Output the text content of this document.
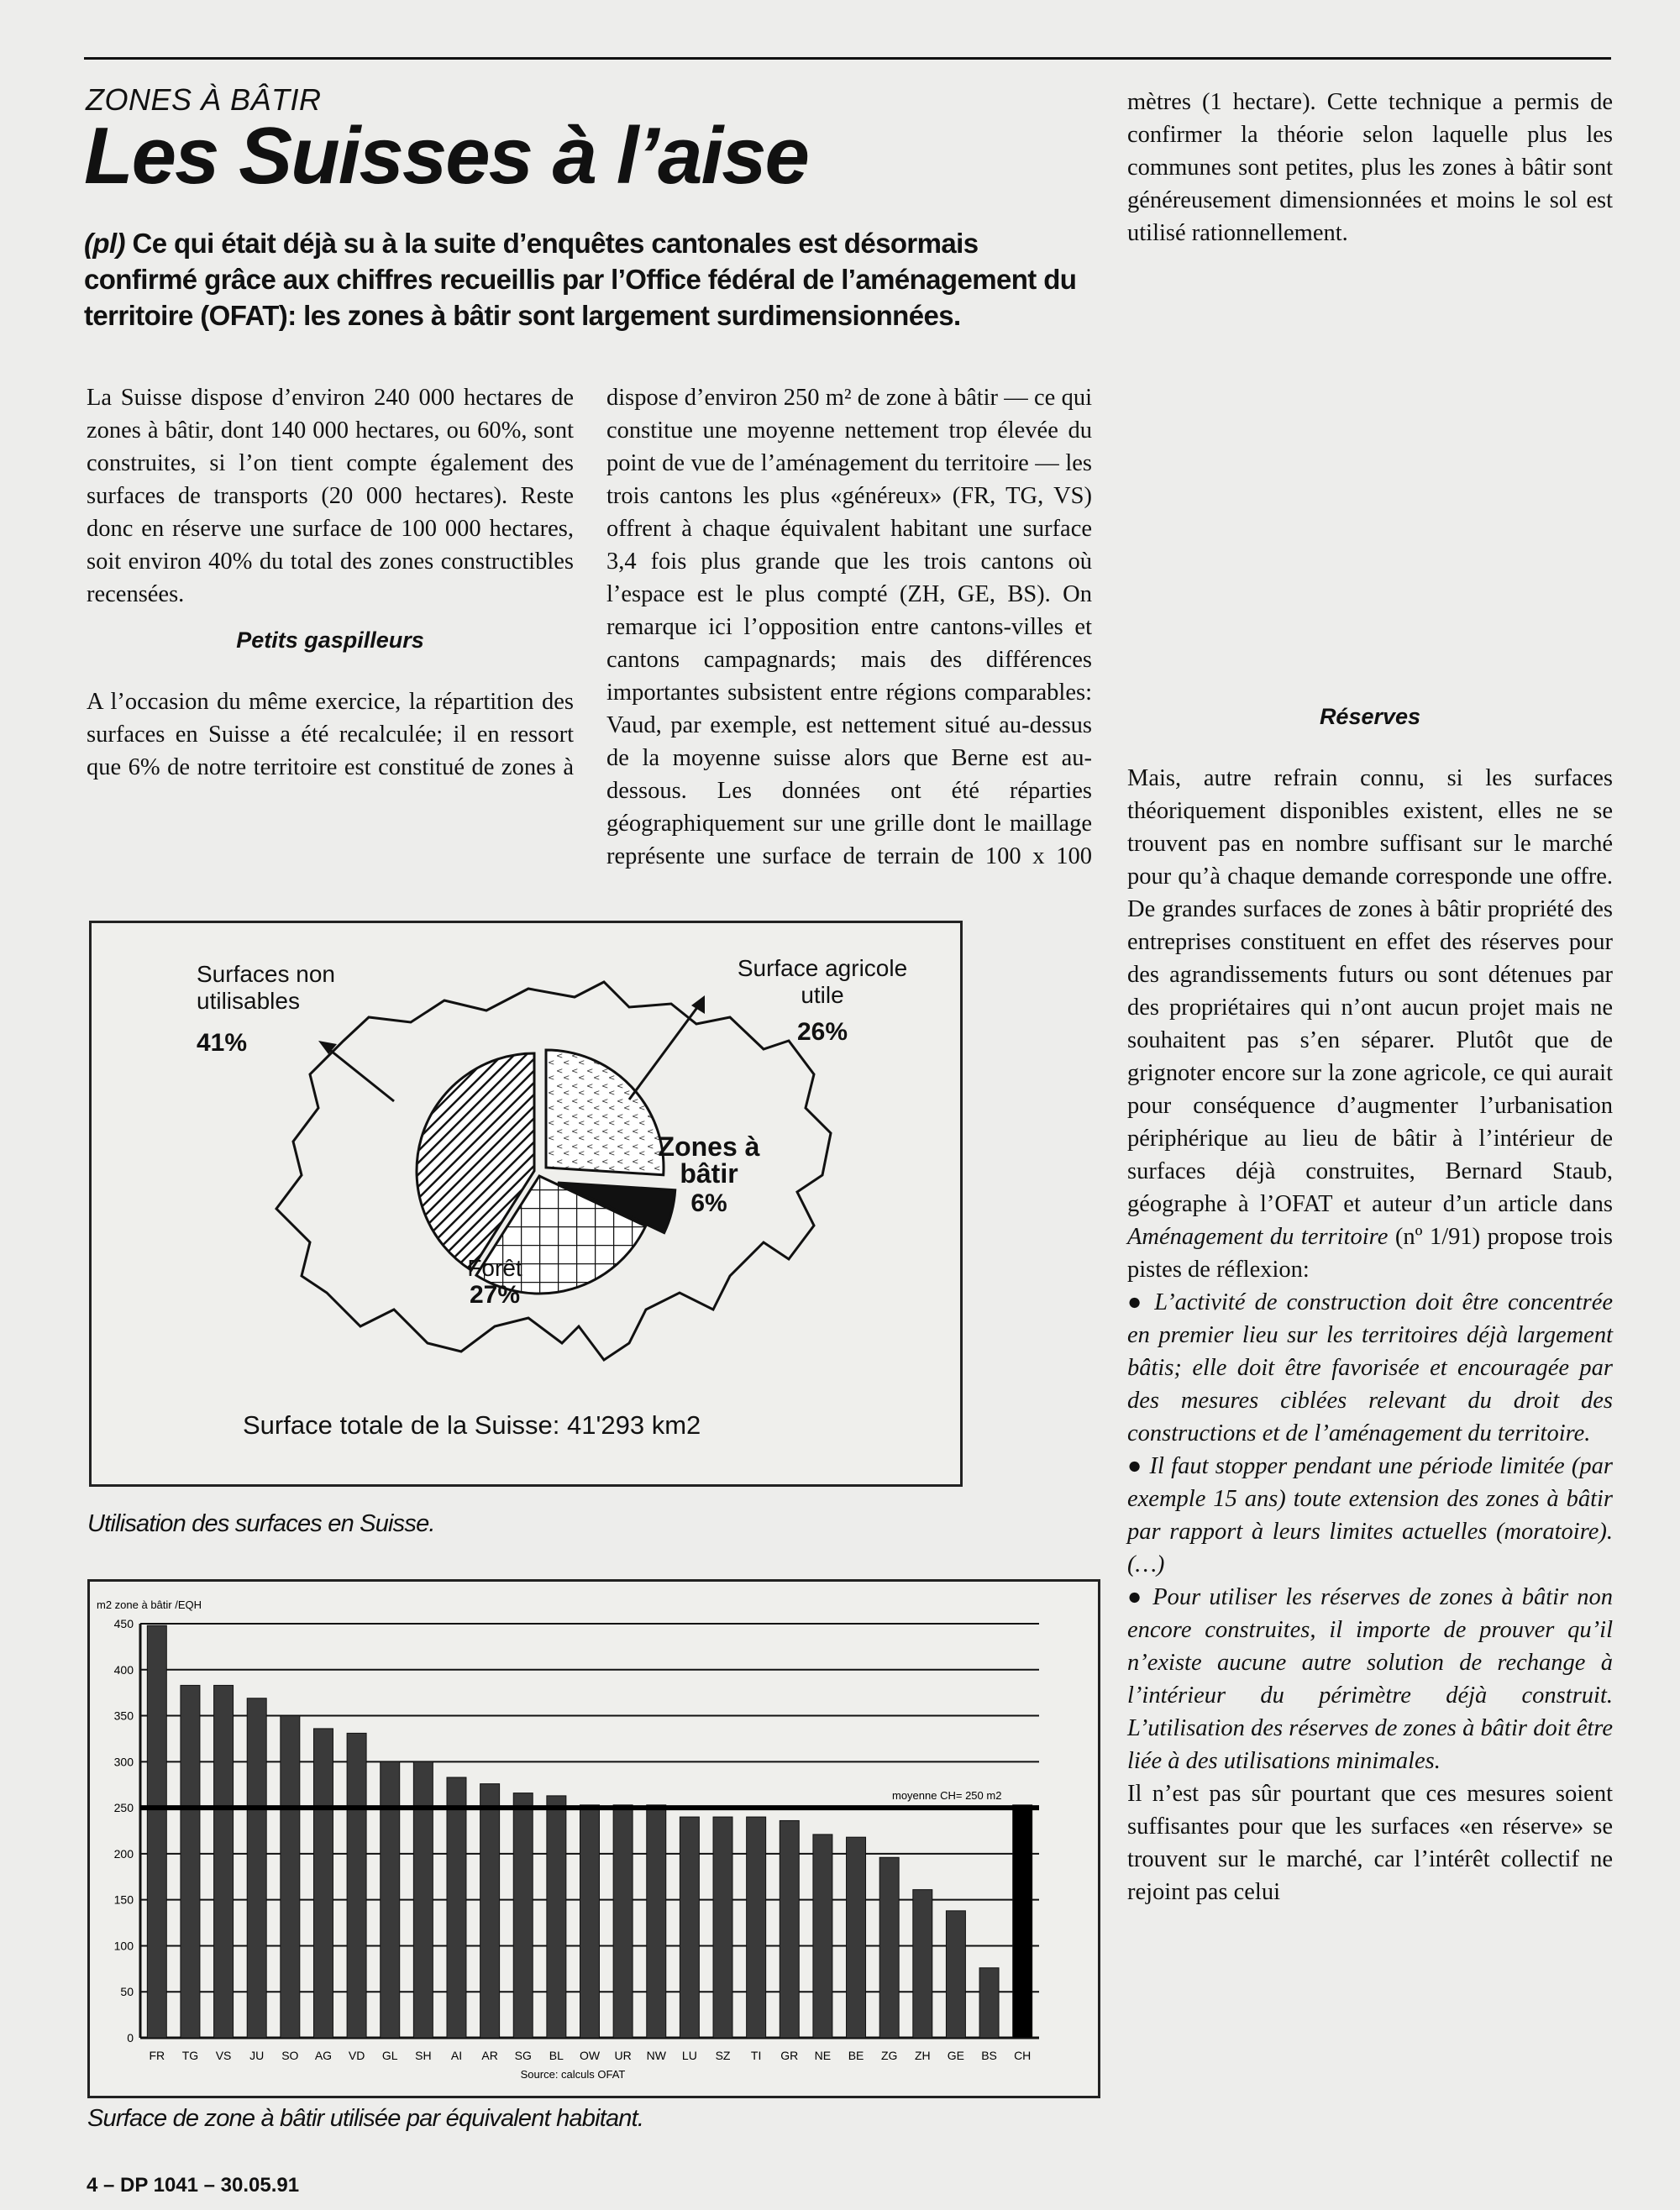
ZONES À BÂTIR
Les Suisses à l’aise
(pl) Ce qui était déjà su à la suite d’enquêtes cantonales est désormais confirmé grâce aux chiffres recueillis par l’Office fédéral de l’aménagement du territoire (OFAT): les zones à bâtir sont largement surdimensionnées.

La Suisse dispose d’environ 240 000 hectares de zones à bâtir, dont 140 000 hectares, ou 60%, sont construites, si l’on tient compte également des surfaces de transports (20 000 hectares). Reste donc en réserve une surface de 100 000 hectares, soit environ 40% du total des zones constructibles recensées.

Petits gaspilleurs

A l’occasion du même exercice, la répartition des surfaces en Suisse a été recalculée; il en ressort que 6% de notre territoire est constitué de zones à

dispose d’environ 250 m² de zone à bâtir — ce qui constitue une moyenne nettement trop élevée du point de vue de l’aménagement du territoire — les trois cantons les plus «généreux» (FR, TG, VS) offrent à chaque équivalent habitant une surface 3,4 fois plus grande que les trois cantons où l’espace est le plus compté (ZH, GE, BS). On remarque ici l’opposition entre cantons-villes et cantons campagnards; mais des différences importantes subsistent entre régions comparables: Vaud, par exemple, est nettement situé au-dessus de la moyenne suisse alors que Berne est au-dessous. Les données ont été réparties géographiquement sur une grille dont le maillage représente une surface de terrain de 100 x 100

mètres (1 hectare). Cette technique a permis de confirmer la théorie selon laquelle plus les communes sont petites, plus les zones à bâtir sont généreusement dimensionnées et moins le sol est utilisé rationnellement.
Réserves

Mais, autre refrain connu, si les surfaces théoriquement disponibles existent, elles ne se trouvent pas en nombre suffisant sur le marché pour qu’à chaque demande corresponde une offre. De grandes surfaces de zones à bâtir propriété des entreprises constituent en effet des réserves pour des agrandissements futurs ou sont détenues par des propriétaires qui n’ont aucun projet mais ne souhaitent pas s’en séparer. Plutôt que de grignoter encore sur la zone agricole, ce qui aurait pour conséquence d’augmenter l’urbanisation périphérique au lieu de bâtir à l’intérieur de surfaces déjà construites, Bernard Staub, géographe à l’OFAT et auteur d’un article dans Aménagement du territoire (nº 1/91) propose trois pistes de réflexion:

● L’activité de construction doit être concentrée en premier lieu sur les territoires déjà largement bâtis; elle doit être favorisée et encouragée par des mesures ciblées relevant du droit des constructions et de l’aménagement du territoire.

● Il faut stopper pendant une période limitée (par exemple 15 ans) toute extension des zones à bâtir par rapport à leurs limites actuelles (moratoire). (…)

● Pour utiliser les réserves de zones à bâtir non encore construites, il importe de prouver qu’il n’existe aucune autre solution de rechange à l’intérieur du périmètre déjà construit. L’utilisation des réserves de zones à bâtir doit être liée à des utilisations minimales.

Il n’est pas sûr pourtant que ces mesures soient suffisantes pour que les surfaces «en réserve» se trouvent sur le marché, car l’intérêt collectif ne rejoint pas celui

Surfaces non utilisables
41%
Surface agricole utile
26%
Zones à bâtir
6%
Forêt
27%
Surface totale de la Suisse: 41'293 km2
Utilisation des surfaces en Suisse.
m2 zone à bâtir /EQH
0
50
100
150
200
250
300
350
400
450
FR TG VS JU SO AG VD GL SH AI AR SG BL OW UR NW LU SZ TI GR NE BE ZG ZH GE BS CH
moyenne CH= 250 m2
Source: calculs OFAT
Surface de zone à bâtir utilisée par équivalent habitant.
4 – DP 1041 – 30.05.91
